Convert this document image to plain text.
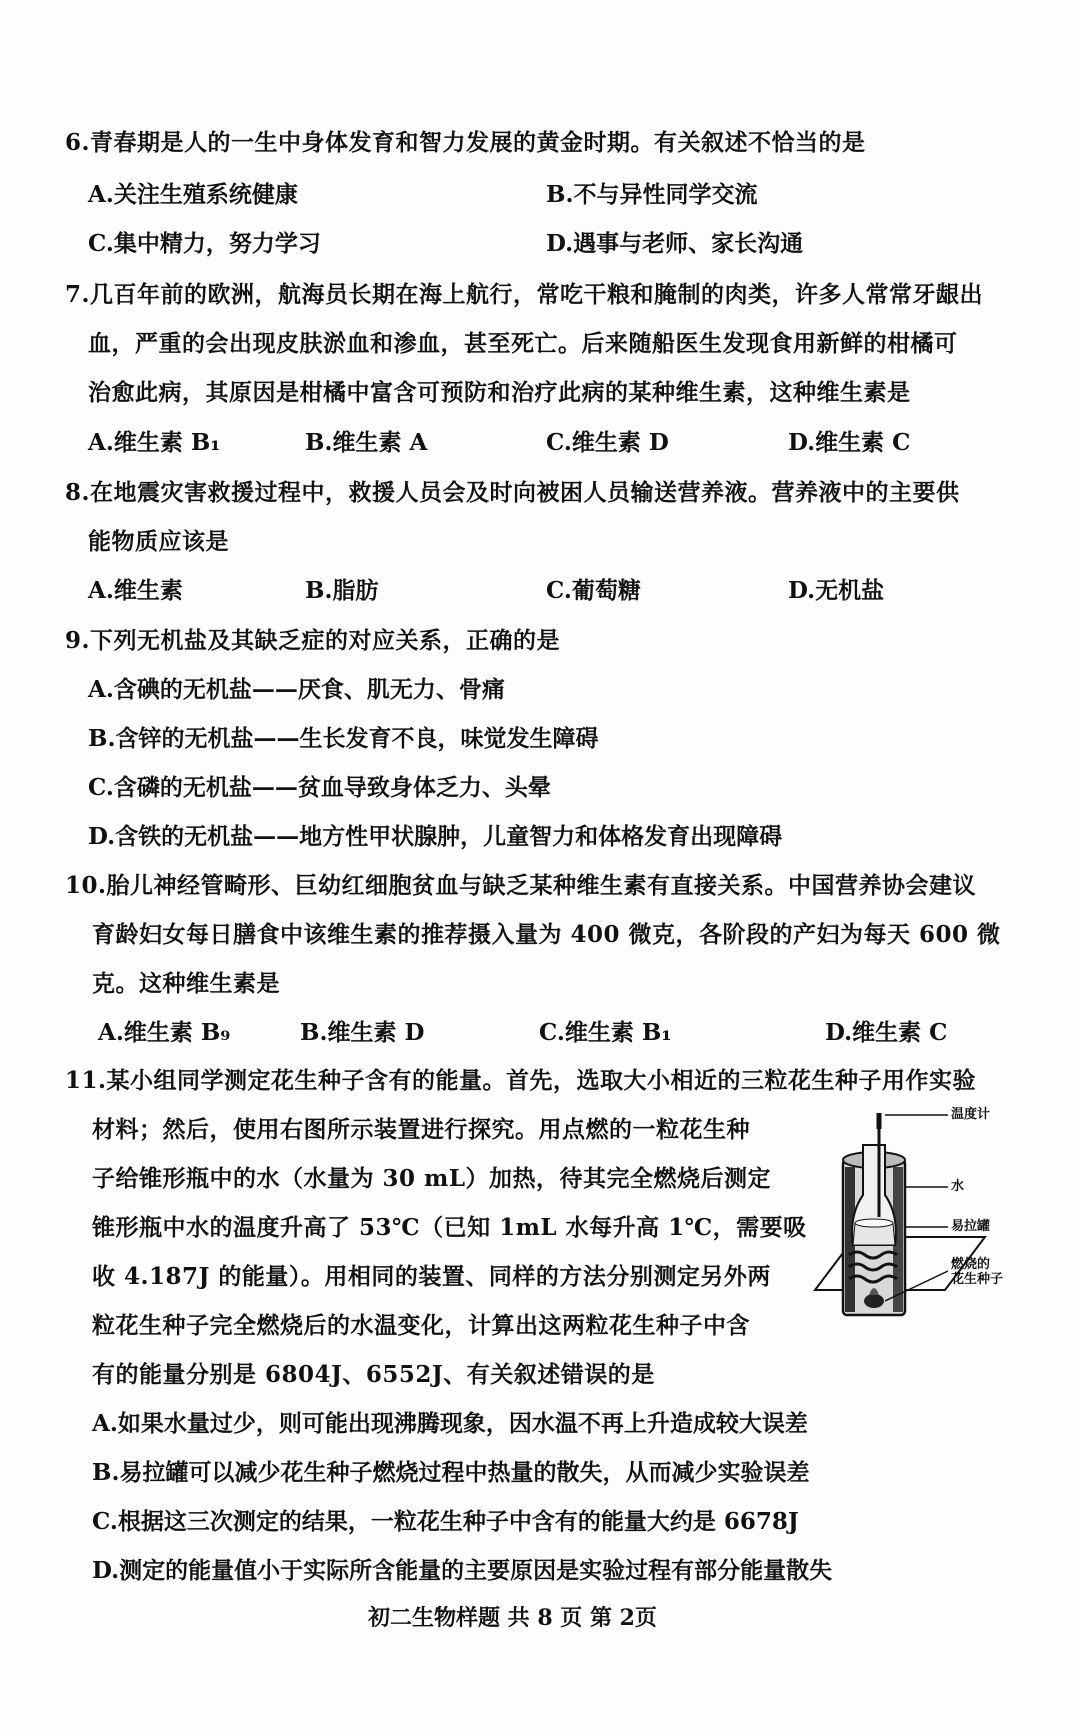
6.青春期是人的一生中身体发育和智力发展的黄金时期。有关叙述不恰当的是
A.关注生殖系统健康	B.不与异性同学交流
C.集中精力，努力学习	D.遇事与老师、家长沟通
7.几百年前的欧洲，航海员长期在海上航行，常吃干粮和腌制的肉类，许多人常常牙龈出
血，严重的会出现皮肤淤血和渗血，甚至死亡。后来随船医生发现食用新鲜的柑橘可
治愈此病，其原因是柑橘中富含可预防和治疗此病的某种维生素，这种维生素是
A.维生素 B₁	B.维生素 A	C.维生素 D	D.维生素 C
8.在地震灾害救援过程中，救援人员会及时向被困人员输送营养液。营养液中的主要供
能物质应该是
A.维生素	B.脂肪	C.葡萄糖	D.无机盐
9.下列无机盐及其缺乏症的对应关系，正确的是
A.含碘的无机盐——厌食、肌无力、骨痛
B.含锌的无机盐——生长发育不良，味觉发生障碍
C.含磷的无机盐——贫血导致身体乏力、头晕
D.含铁的无机盐——地方性甲状腺肿，儿童智力和体格发育出现障碍
10.胎儿神经管畸形、巨幼红细胞贫血与缺乏某种维生素有直接关系。中国营养协会建议
育龄妇女每日膳食中该维生素的推荐摄入量为 400 微克，各阶段的产妇为每天 600 微
克。这种维生素是
A.维生素 B₉	B.维生素 D	C.维生素 B₁	D.维生素 C
11.某小组同学测定花生种子含有的能量。首先，选取大小相近的三粒花生种子用作实验
材料；然后，使用右图所示装置进行探究。用点燃的一粒花生种
子给锥形瓶中的水（水量为 30 mL）加热，待其完全燃烧后测定
锥形瓶中水的温度升高了 53℃（已知 1mL 水每升高 1℃，需要吸
收 4.187J 的能量）。用相同的装置、同样的方法分别测定另外两
粒花生种子完全燃烧后的水温变化，计算出这两粒花生种子中含
有的能量分别是 6804J、6552J、有关叙述错误的是
A.如果水量过少，则可能出现沸腾现象，因水温不再上升造成较大误差
B.易拉罐可以减少花生种子燃烧过程中热量的散失，从而减少实验误差
C.根据这三次测定的结果，一粒花生种子中含有的能量大约是 6678J
D.测定的能量值小于实际所含能量的主要原因是实验过程有部分能量散失
温度计
水
易拉罐
燃烧的
花生种子
初二生物样题 共 8 页 第 2页
